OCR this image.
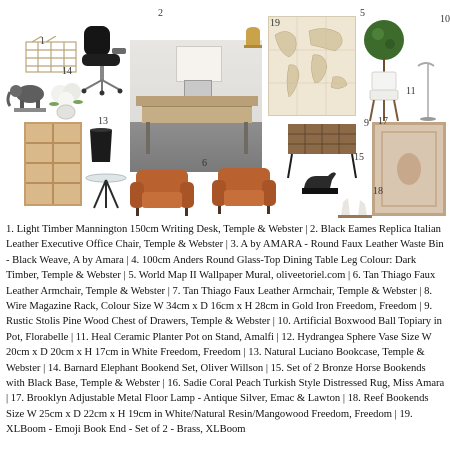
1
2
19
5
10
14
11
13	9 17
6
15
18
1. Light Timber Mannington 150cm Writing Desk, Temple & Webster | 2. Black Eames Replica Italian Leather Executive Office Chair, Temple & Webster | 3. A by AMARA - Round Faux Leather Waste Bin - Black Weave, A by Amara | 4. 100cm Anders Round Glass-Top Dining Table Leg Colour: Dark Timber, Temple & Webster | 5. World Map II Wallpaper Mural, oliveetoriel.com | 6. Tan Thiago Faux Leather Armchair, Temple & Webster | 7. Tan Thiago Faux Leather Armchair, Temple & Webster | 8. Wire Magazine Rack, Colour Size W 34cm x D 16cm x H 28cm in Gold Iron Freedom, Freedom | 9. Rustic Stolis Pine Wood Chest of Drawers, Temple & Webster | 10. Artificial Boxwood Ball Topiary in Pot, Florabelle | 11. Heal Ceramic Planter Pot on Stand, Amalfi | 12. Hydrangea Sphere Vase Size W 20cm x D 20cm x H 17cm in White Freedom, Freedom | 13. Natural Luciano Bookcase, Temple & Webster | 14. Barnard Elephant Bookend Set, Oliver Willson | 15. Set of 2 Bronze Horse Bookends with Black Base, Temple & Webster | 16. Sadie Coral Peach Turkish Style Distressed Rug, Miss Amara | 17. Brooklyn Adjustable Metal Floor Lamp - Antique Silver, Emac & Lawton | 18. Reef Bookends Size W 25cm x D 22cm x H 19cm in White/Natural Resin/Mangowood Freedom, Freedom | 19. XLBoom - Emoji Book End - Set of 2 - Brass, XLBoom
